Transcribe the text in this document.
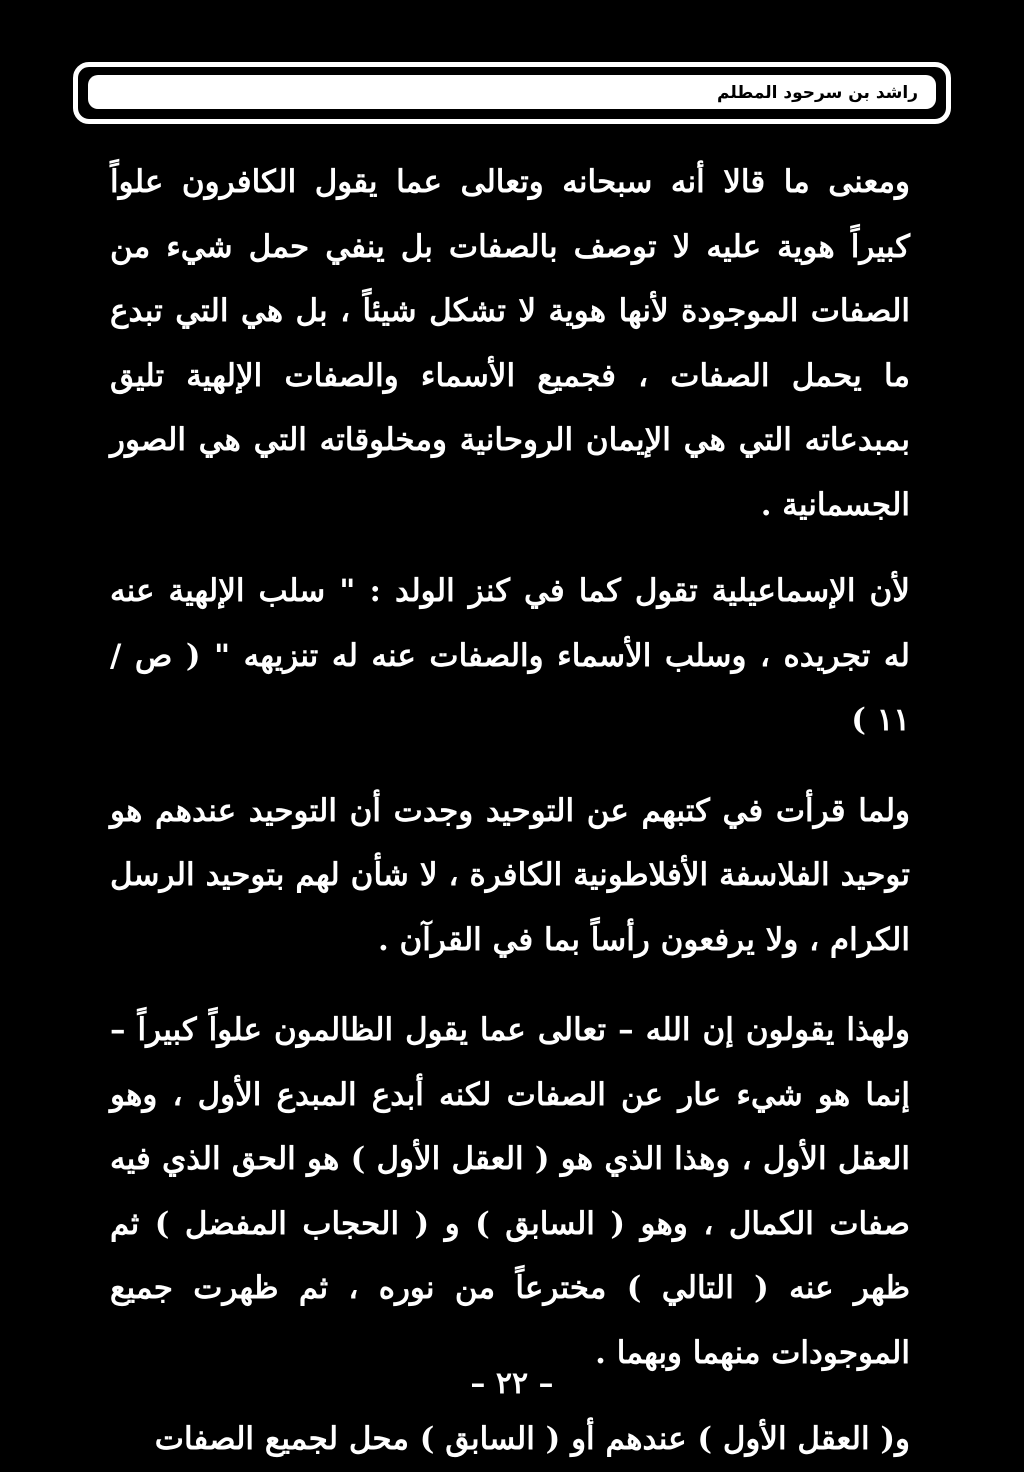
راشد بن سرحود المطلم

ومعنى ما قالا أنه سبحانه وتعالى عما يقول الكافرون علواً كبيراً هوية عليه لا توصف بالصفات بل ينفي حمل شيء من الصفات الموجودة لأنها هوية لا تشكل شيئاً ، بل هي التي تبدع ما يحمل الصفات ، فجميع الأسماء والصفات الإلهية تليق بمبدعاته التي هي الإيمان الروحانية ومخلوقاته التي هي الصور الجسمانية .

لأن الإسماعيلية تقول كما في كنز الولد : " سلب الإلهية عنه له تجريده ، وسلب الأسماء والصفات عنه له تنزيهه " ( ص / ١١ )

ولما قرأت في كتبهم عن التوحيد وجدت أن التوحيد عندهم هو توحيد الفلاسفة الأفلاطونية الكافرة ، لا شأن لهم بتوحيد الرسل الكرام ، ولا يرفعون رأساً بما في القرآن .

ولهذا يقولون إن الله – تعالى عما يقول الظالمون علواً كبيراً – إنما هو شيء عار عن الصفات لكنه أبدع المبدع الأول ، وهو العقل الأول ، وهذا الذي هو ( العقل الأول ) هو الحق الذي فيه صفات الكمال ، وهو ( السابق ) و ( الحجاب المفضل ) ثم ظهر عنه ( التالي ) مخترعاً من نوره ، ثم ظهرت جميع الموجودات منهما وبهما .

و( العقل الأول ) عندهم أو ( السابق ) محل لجميع الصفات

– ٢٢ –
